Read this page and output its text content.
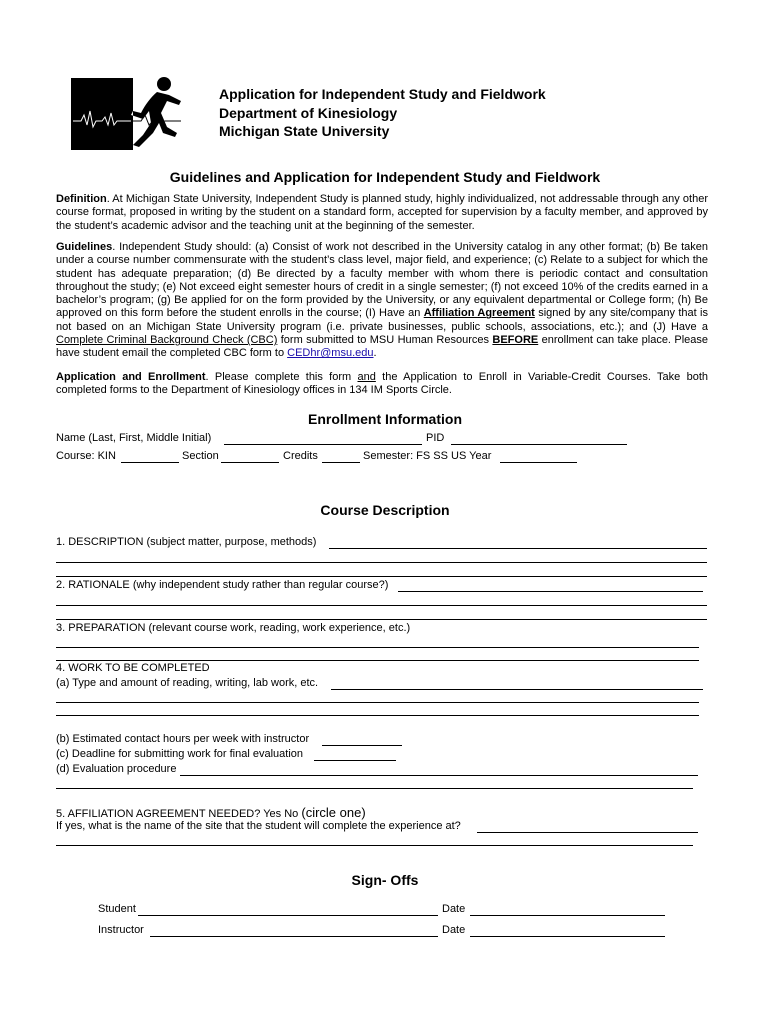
Application for Independent Study and Fieldwork
Department of Kinesiology
Michigan State University
Guidelines and Application for Independent Study and Fieldwork
Definition. At Michigan State University, Independent Study is planned study, highly individualized, not addressable through any other course format, proposed in writing by the student on a standard form, accepted for supervision by a faculty member, and approved by the student’s academic advisor and the teaching unit at the beginning of the semester.
Guidelines. Independent Study should: (a) Consist of work not described in the University catalog in any other format; (b) Be taken under a course number commensurate with the student’s class level, major field, and experience; (c) Relate to a subject for which the student has adequate preparation; (d) Be directed by a faculty member with whom there is periodic contact and consultation throughout the study; (e) Not exceed eight semester hours of credit in a single semester; (f) not exceed 10% of the credits earned in a bachelor’s program; (g) Be applied for on the form provided by the University, or any equivalent departmental or College form; (h) Be approved on this form before the student enrolls in the course; (I) Have an Affiliation Agreement signed by any site/company that is not based on an Michigan State University program (i.e. private businesses, public schools, associations, etc.); and (J) Have a Complete Criminal Background Check (CBC) form submitted to MSU Human Resources BEFORE enrollment can take place. Please have student email the completed CBC form to CEDhr@msu.edu.
Application and Enrollment. Please complete this form and the Application to Enroll in Variable-Credit Courses. Take both completed forms to the Department of Kinesiology offices in 134 IM Sports Circle.
Enrollment Information
Name (Last, First, Middle Initial)	PID
Course: KIN	Section	Credits	Semester: FS SS US Year
Course Description
1. DESCRIPTION (subject matter, purpose, methods)
2. RATIONALE (why independent study rather than regular course?)
3. PREPARATION (relevant course work, reading, work experience, etc.)
4. WORK TO BE COMPLETED
(a) Type and amount of reading, writing, lab work, etc.
(b) Estimated contact hours per week with instructor
(c) Deadline for submitting work for final evaluation
(d) Evaluation procedure
5. AFFILIATION AGREEMENT NEEDED? Yes No (circle one)
If yes, what is the name of the site that the student will complete the experience at?
Sign- Offs
Student	Date
Instructor	Date
